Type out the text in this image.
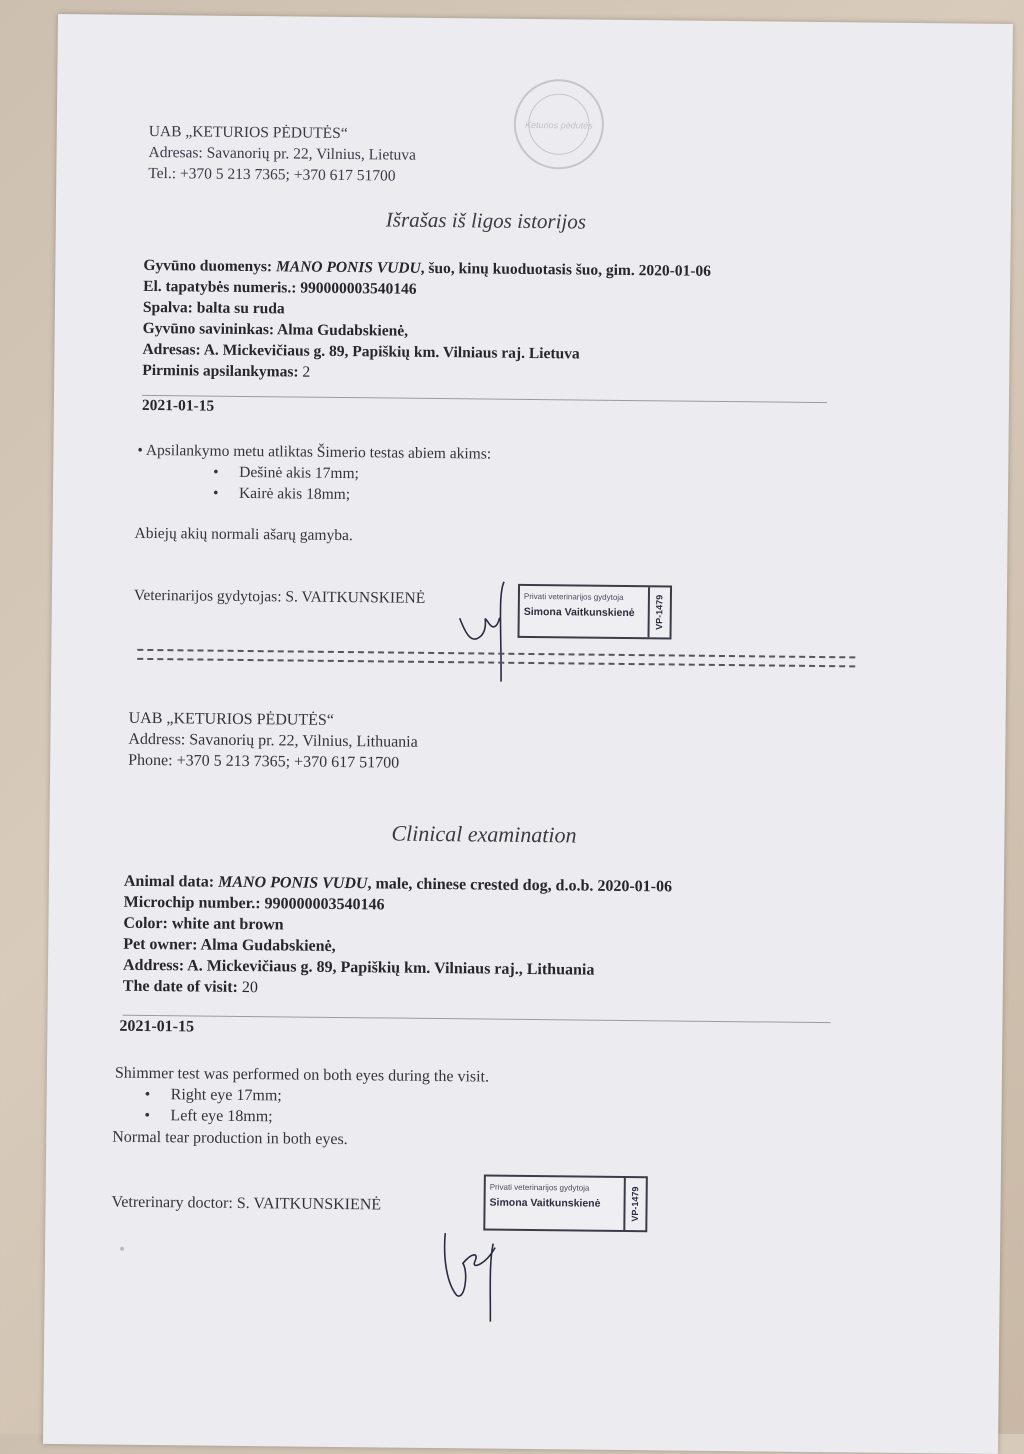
Keturios pėdutės
UAB „KETURIOS PĖDUTĖS“
Adresas: Savanorių pr. 22, Vilnius, Lietuva
Tel.: +370 5 213 7365; +370 617 51700
Išrašas iš ligos istorijos
Gyvūno duomenys: MANO PONIS VUDU, šuo, kinų kuoduotasis šuo, gim. 2020-01-06
El. tapatybės numeris.: 990000003540146
Spalva: balta su ruda
Gyvūno savininkas: Alma Gudabskienė,
Adresas: A. Mickevičiaus g. 89, Papiškių km. Vilniaus raj. Lietuva
Pirminis apsilankymas: 2
2021-01-15
• Apsilankymo metu atliktas Šimerio testas abiem akims:
• Dešinė akis 17mm;
• Kairė akis 18mm;
Abiejų akių normali ašarų gamyba.
Veterinarijos gydytojas: S. VAITKUNSKIENĖ	Privati veterinarijos gydytoja
Simona Vaitkunskienė VP-1479
UAB „KETURIOS PĖDUTĖS“
Address: Savanorių pr. 22, Vilnius, Lithuania
Phone: +370 5 213 7365; +370 617 51700
Clinical examination
Animal data: MANO PONIS VUDU, male, chinese crested dog, d.o.b. 2020-01-06
Microchip number.: 990000003540146
Color: white ant brown
Pet owner: Alma Gudabskienė,
Address: A. Mickevičiaus g. 89, Papiškių km. Vilniaus raj., Lithuania
The date of visit: 20
2021-01-15
Shimmer test was performed on both eyes during the visit.
• Right eye 17mm;
• Left eye 18mm;
Normal tear production in both eyes.
Vetrerinary doctor: S. VAITKUNSKIENĖ
Privati veterinarijos gydytoja
Simona Vaitkunskienė	VP-1479
